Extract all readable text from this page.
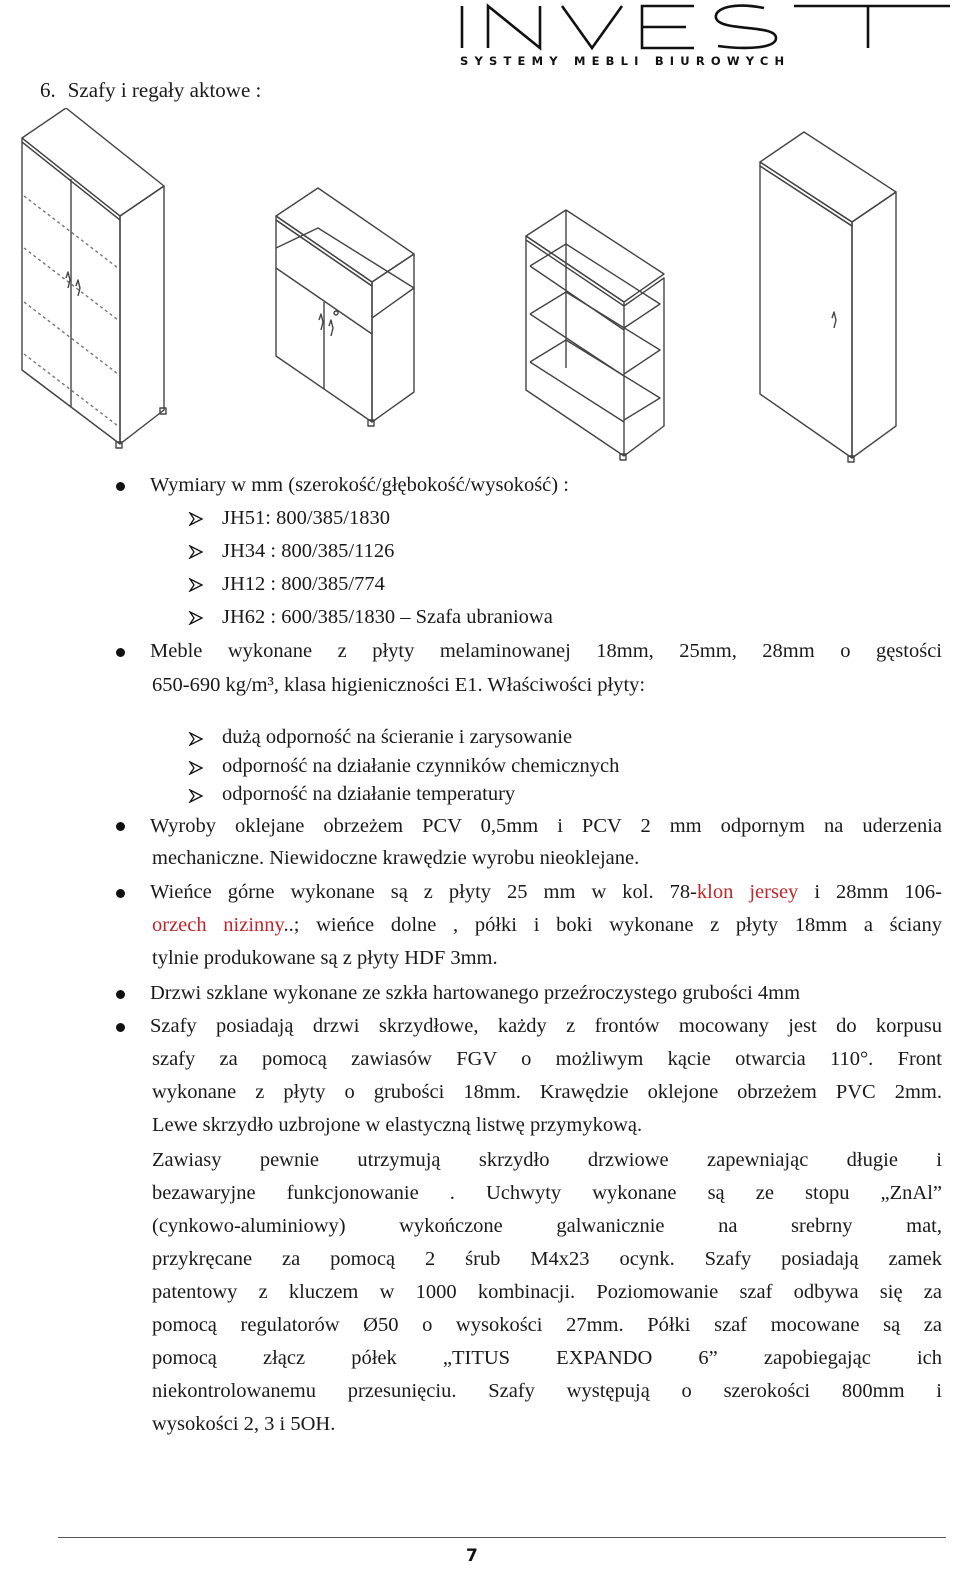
SYSTEMY MEBLI BIUROWYCH
6. Szafy i regały aktowe :
Wymiary w mm (szerokość/głębokość/wysokość) :
JH51: 800/385/1830
JH34 : 800/385/1126
JH12 : 800/385/774
JH62 : 600/385/1830 – Szafa ubraniowa
Meble wykonane z płyty melaminowanej 18mm, 25mm, 28mm o gęstości
650-690 kg/m³, klasa higieniczności E1. Właściwości płyty:
dużą odporność na ścieranie i zarysowanie
odporność na działanie czynników chemicznych
odporność na działanie temperatury
Wyroby oklejane obrzeżem PCV 0,5mm i PCV 2 mm odpornym na uderzenia
mechaniczne. Niewidoczne krawędzie wyrobu nieoklejane.
Wieńce górne wykonane są z płyty 25 mm w kol. 78-klon jersey i 28mm 106-
orzech nizinny..; wieńce dolne , półki i boki wykonane z płyty 18mm a ściany
tylnie produkowane są z płyty HDF 3mm.
Drzwi szklane wykonane ze szkła hartowanego przeźroczystego grubości 4mm
Szafy posiadają drzwi skrzydłowe, każdy z frontów mocowany jest do korpusu
szafy za pomocą zawiasów FGV o możliwym kącie otwarcia 110°. Front
wykonane z płyty o grubości 18mm. Krawędzie oklejone obrzeżem PVC 2mm.
Lewe skrzydło uzbrojone w elastyczną listwę przymykową.
Zawiasy pewnie utrzymują skrzydło drzwiowe zapewniając długie i
bezawaryjne funkcjonowanie . Uchwyty wykonane są ze stopu „ZnAl”
(cynkowo-aluminiowy) wykończone galwanicznie na srebrny mat,
przykręcane za pomocą 2 śrub M4x23 ocynk. Szafy posiadają zamek
patentowy z kluczem w 1000 kombinacji. Poziomowanie szaf odbywa się za
pomocą regulatorów Ø50 o wysokości 27mm. Półki szaf mocowane są za
pomocą złącz półek „TITUS EXPANDO 6” zapobiegając ich
niekontrolowanemu przesunięciu. Szafy występują o szerokości 800mm i
wysokości 2, 3 i 5OH.
7
